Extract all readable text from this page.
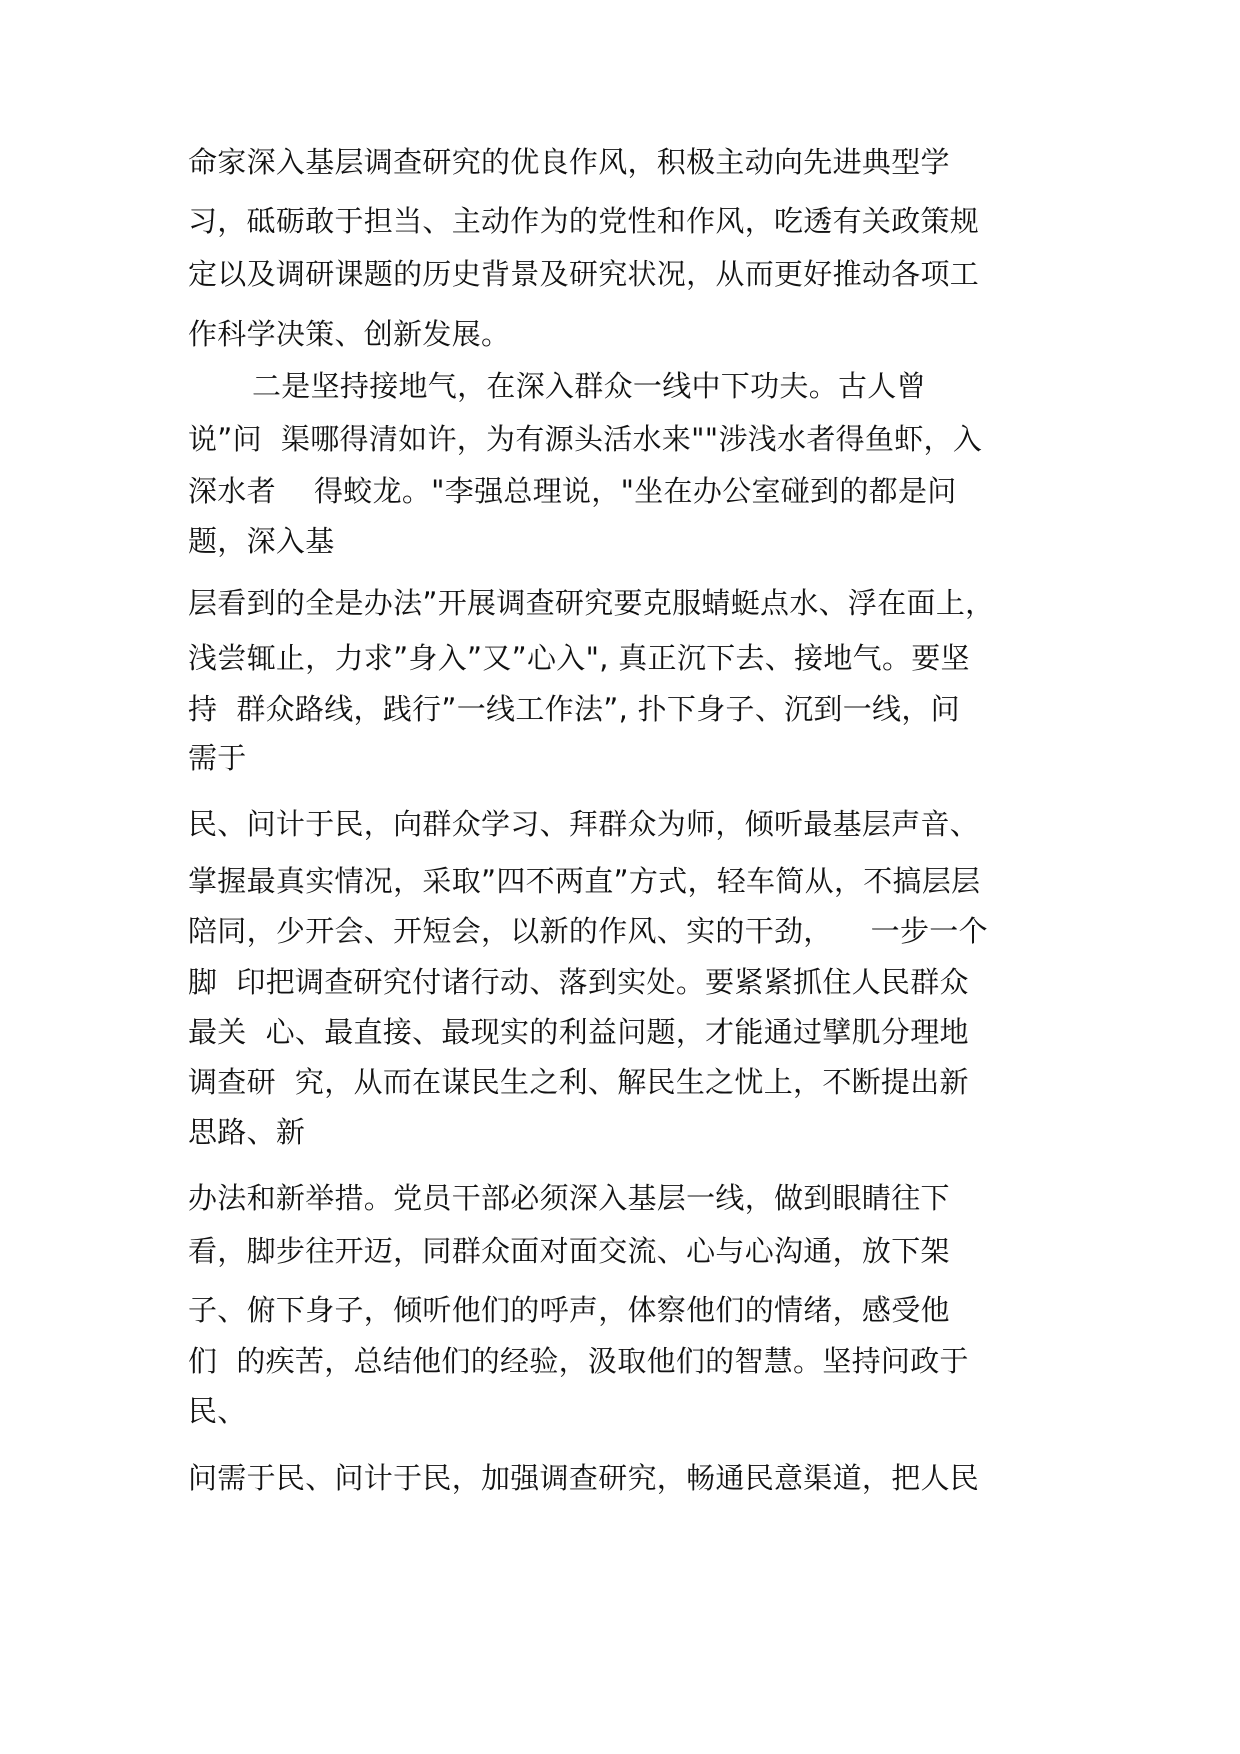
命家深入基层调查研究的优良作风，积极主动向先进典型学

习，砥砺敢于担当、主动作为的党性和作风，吃透有关政策规

定以及调研课题的历史背景及研究状况，从而更好推动各项工

作科学决策、创新发展。

二是坚持接地气，在深入群众一线中下功夫。古人曾

说”问  渠哪得清如许，为有源头活水来""涉浅水者得鱼虾，入

深水者    得蛟龙。"李强总理说，"坐在办公室碰到的都是问

题，深入基

层看到的全是办法”开展调查研究要克服蜻蜓点水、浮在面上，

浅尝辄止，力求”身入”又”心入", 真正沉下去、接地气。要坚

持  群众路线，践行”一线工作法”, 扑下身子、沉到一线，问

需于

民、问计于民，向群众学习、拜群众为师，倾听最基层声音、

掌握最真实情况，采取”四不两直”方式，轻车简从，不搞层层

陪同，少开会、开短会，以新的作风、实的干劲，    一步一个

脚  印把调查研究付诸行动、落到实处。要紧紧抓住人民群众

最关  心、最直接、最现实的利益问题，才能通过擘肌分理地

调查研  究，从而在谋民生之利、解民生之忧上，不断提出新

思路、新

办法和新举措。党员干部必须深入基层一线，做到眼睛往下

看，脚步往开迈，同群众面对面交流、心与心沟通，放下架

子、俯下身子，倾听他们的呼声，体察他们的情绪，感受他

们  的疾苦，总结他们的经验，汲取他们的智慧。坚持问政于

民、

问需于民、问计于民，加强调查研究，畅通民意渠道，把人民
